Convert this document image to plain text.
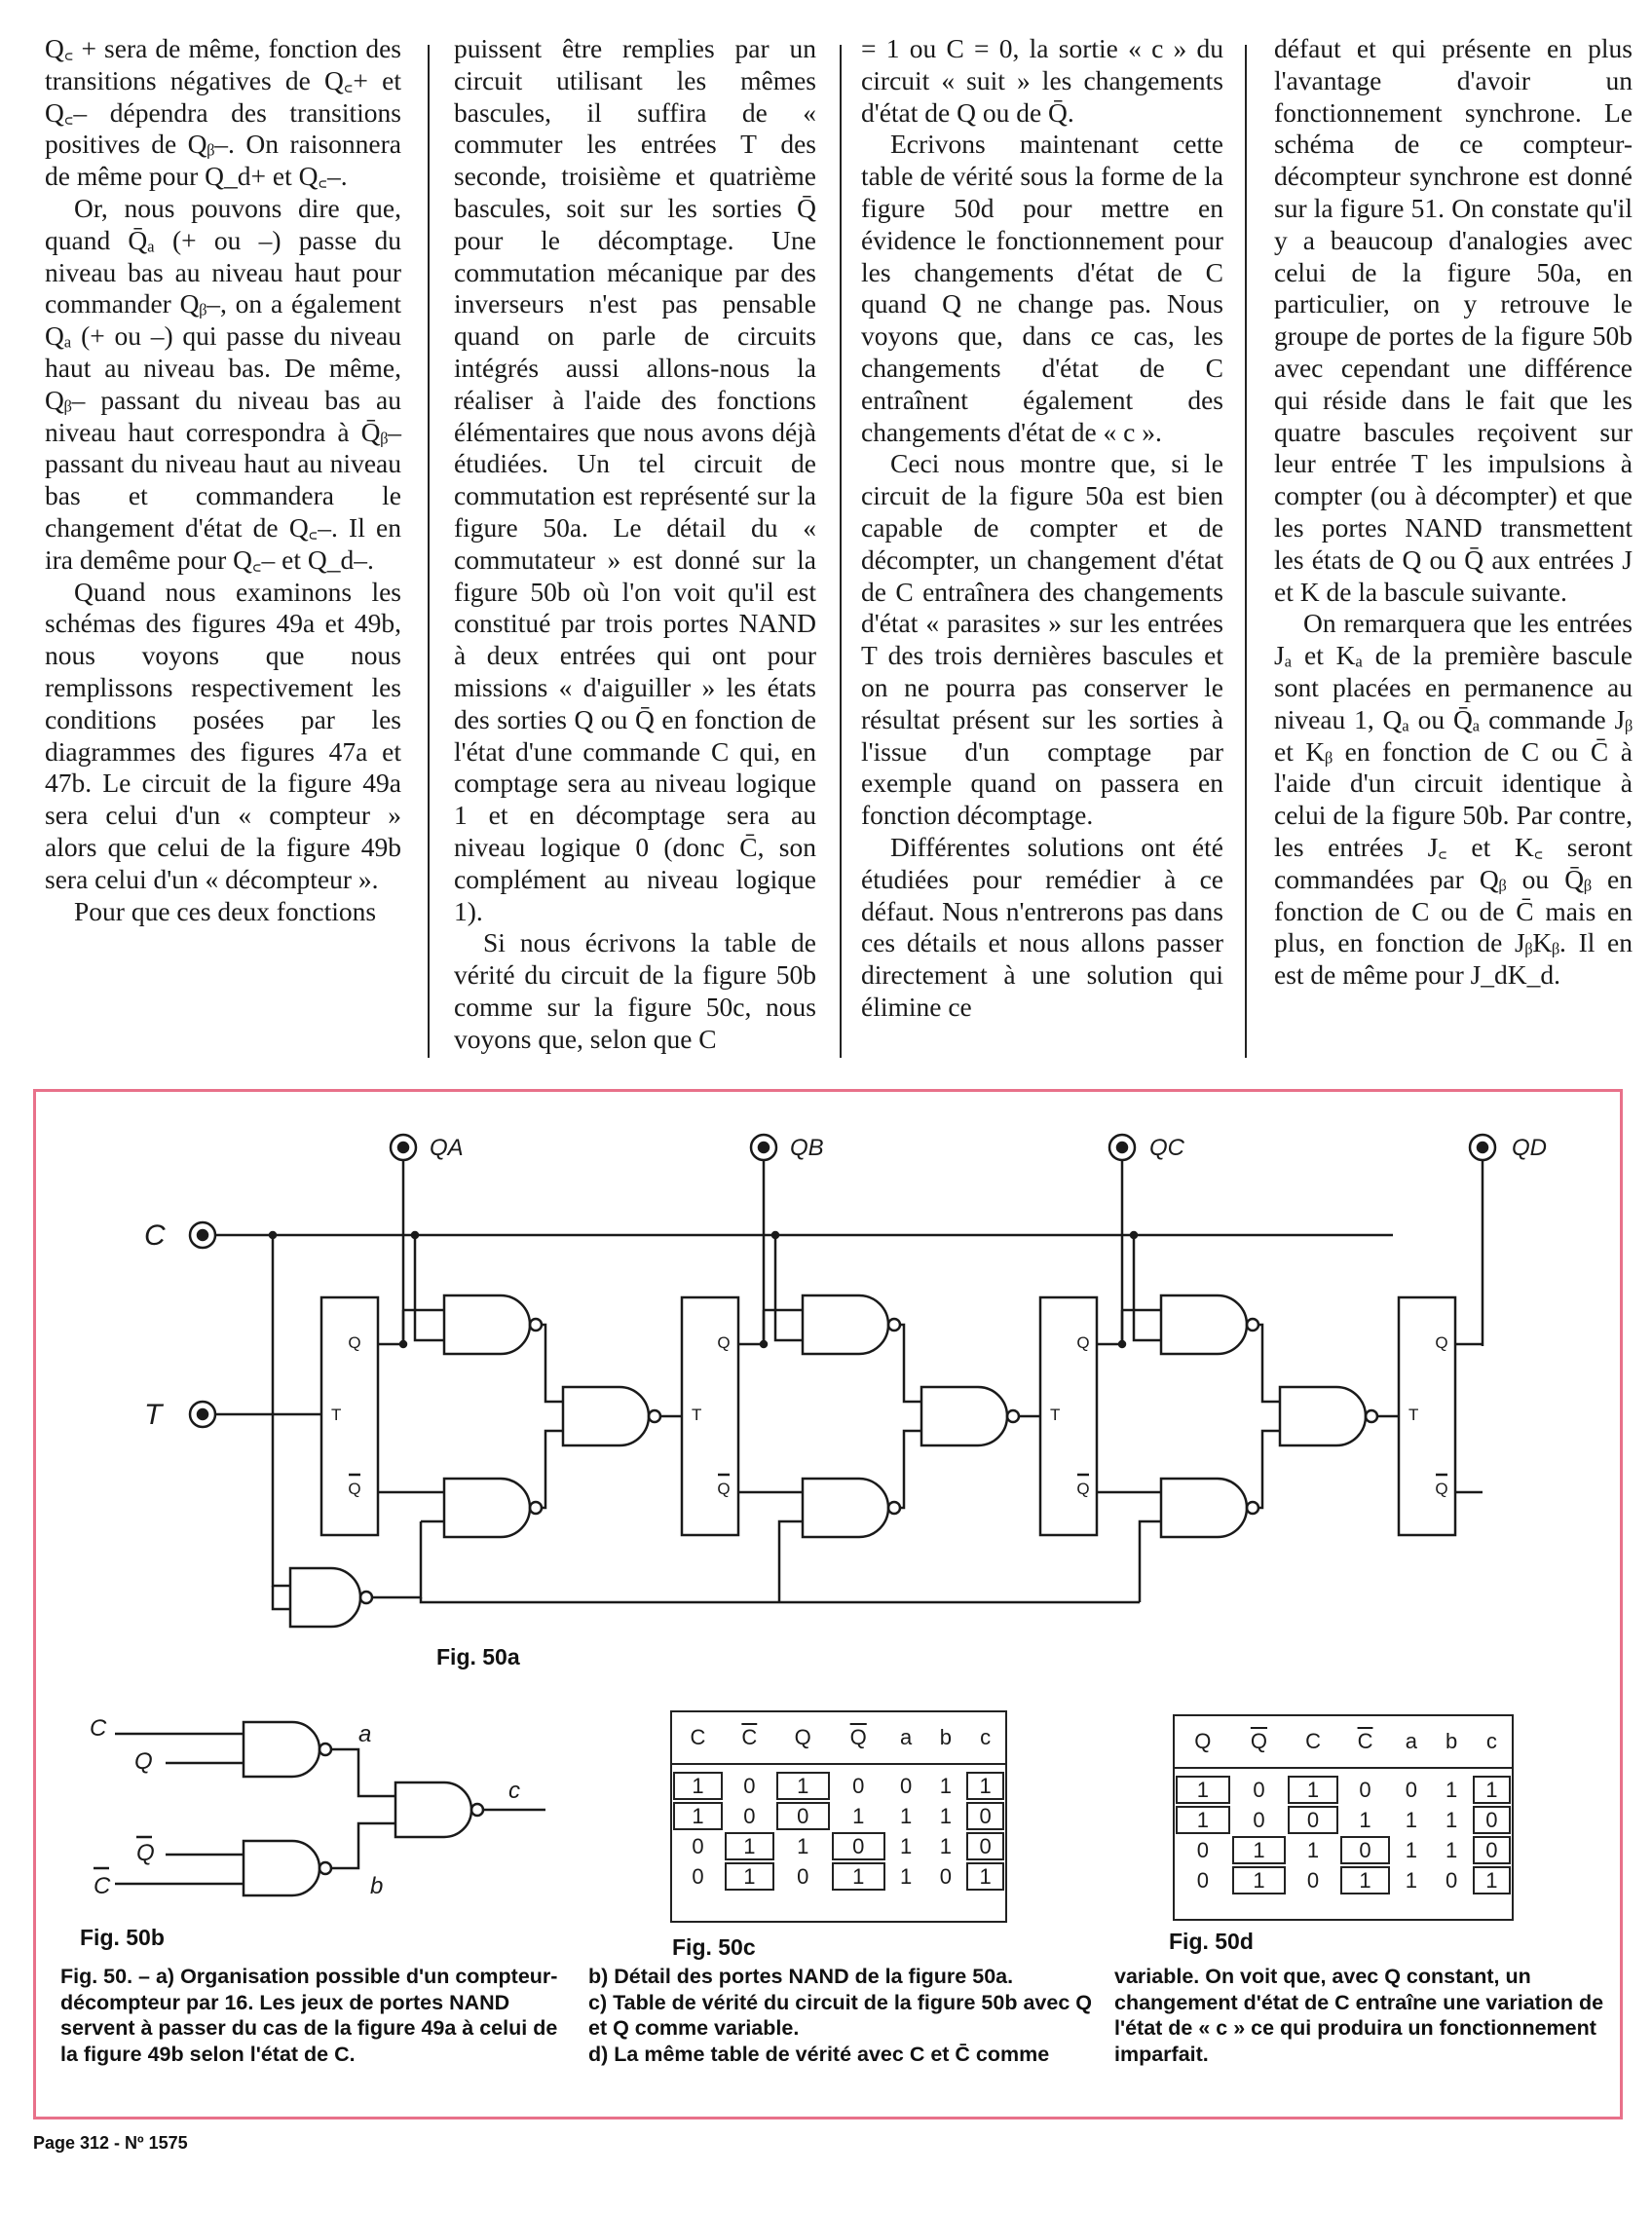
Q꜀ + sera de même, fonction des transitions négatives de Q꜀+ et Q꜀– dépendra des transitions positives de Qᵦ–. On raisonnera de même pour Q_d+ et Q꜀–.

Or, nous pouvons dire que, quand Q̄ₐ (+ ou –) passe du niveau bas au niveau haut pour commander Qᵦ–, on a également Qₐ (+ ou –) qui passe du niveau haut au niveau bas. De même, Qᵦ– passant du niveau bas au niveau haut correspondra à Q̄ᵦ– passant du niveau haut au niveau bas et commandera le changement d'état de Q꜀–. Il en ira demême pour Q꜀– et Q_d–.

Quand nous examinons les schémas des figures 49a et 49b, nous voyons que nous remplissons respectivement les conditions posées par les diagrammes des figures 47a et 47b. Le circuit de la figure 49a sera celui d'un « compteur » alors que celui de la figure 49b sera celui d'un « décompteur ».

Pour que ces deux fonctions

puissent être remplies par un circuit utilisant les mêmes bascules, il suffira de « commuter les entrées T des seconde, troisième et quatrième bascules, soit sur les sorties Q̄ pour le décomptage. Une commutation mécanique par des inverseurs n'est pas pensable quand on parle de circuits intégrés aussi allons-nous la réaliser à l'aide des fonctions élémentaires que nous avons déjà étudiées. Un tel circuit de commutation est représenté sur la figure 50a. Le détail du « commutateur » est donné sur la figure 50b où l'on voit qu'il est constitué par trois portes NAND à deux entrées qui ont pour missions « d'aiguiller » les états des sorties Q ou Q̄ en fonction de l'état d'une commande C qui, en comptage sera au niveau logique 1 et en décomptage sera au niveau logique 0 (donc C̄, son complément au niveau logique 1).

Si nous écrivons la table de vérité du circuit de la figure 50b comme sur la figure 50c, nous voyons que, selon que C

= 1 ou C = 0, la sortie « c » du circuit « suit » les changements d'état de Q ou de Q̄.

Ecrivons maintenant cette table de vérité sous la forme de la figure 50d pour mettre en évidence le fonctionnement pour les changements d'état de C quand Q ne change pas. Nous voyons que, dans ce cas, les changements d'état de C entraînent également des changements d'état de « c ».

Ceci nous montre que, si le circuit de la figure 50a est bien capable de compter et de décompter, un changement d'état de C entraînera des changements d'état « parasites » sur les entrées T des trois dernières bascules et on ne pourra pas conserver le résultat présent sur les sorties à l'issue d'un comptage par exemple quand on passera en fonction décomptage.

Différentes solutions ont été étudiées pour remédier à ce défaut. Nous n'entrerons pas dans ces détails et nous allons passer directement à une solution qui élimine ce

défaut et qui présente en plus l'avantage d'avoir un fonctionnement synchrone. Le schéma de ce compteur-décompteur synchrone est donné sur la figure 51. On constate qu'il y a beaucoup d'analogies avec celui de la figure 50a, en particulier, on y retrouve le groupe de portes de la figure 50b avec cependant une différence qui réside dans le fait que les quatre bascules reçoivent sur leur entrée T les impulsions à compter (ou à décompter) et que les portes NAND transmettent les états de Q ou Q̄ aux entrées J et K de la bascule suivante.

On remarquera que les entrées Jₐ et Kₐ de la première bascule sont placées en permanence au niveau 1, Qₐ ou Q̄ₐ commande Jᵦ et Kᵦ en fonction de C ou C̄ à l'aide d'un circuit identique à celui de la figure 50b. Par contre, les entrées J꜀ et K꜀ seront commandées par Qᵦ ou Q̄ᵦ en fonction de C ou de C̄ mais en plus, en fonction de JᵦKᵦ. Il en est de même pour J_dK_d.

QA	QB	QC	QD
C
T
Q
T
Q
Q
T
Q
Q
T
Q
Q
T
Q
C
Q
Q
C
a
b
c
Fig. 50a
Fig. 50b	Fig. 50c	Fig. 50d
C	$\overline{C}$	Q	$\overline{Q}$	a	b	c

1	0	1	0	0	1	1
1	0	0	1	1	1	0
0	1	1	0	1	1	0
0	1	0	1	1	0	1
Q	$\overline{Q}$	C	$\overline{C}$	a	b	c

1	0	1	0	0	1	1
1	0	0	1	1	1	0
0	1	1	0	1	1	0
0	1	0	1	1	0	1
Fig. 50. – a) Organisation possible d'un compteur-décompteur par 16. Les jeux de portes NAND servent à passer du cas de la figure 49a à celui de la figure 49b selon l'état de C.
b) Détail des portes NAND de la figure 50a.
c) Table de vérité du circuit de la figure 50b avec Q et Q comme variable.
d) La même table de vérité avec C et C̄ comme
variable. On voit que, avec Q constant, un changement d'état de C entraîne une variation de l'état de « c » ce qui produira un fonctionnement imparfait.
Page 312 - Nº 1575
